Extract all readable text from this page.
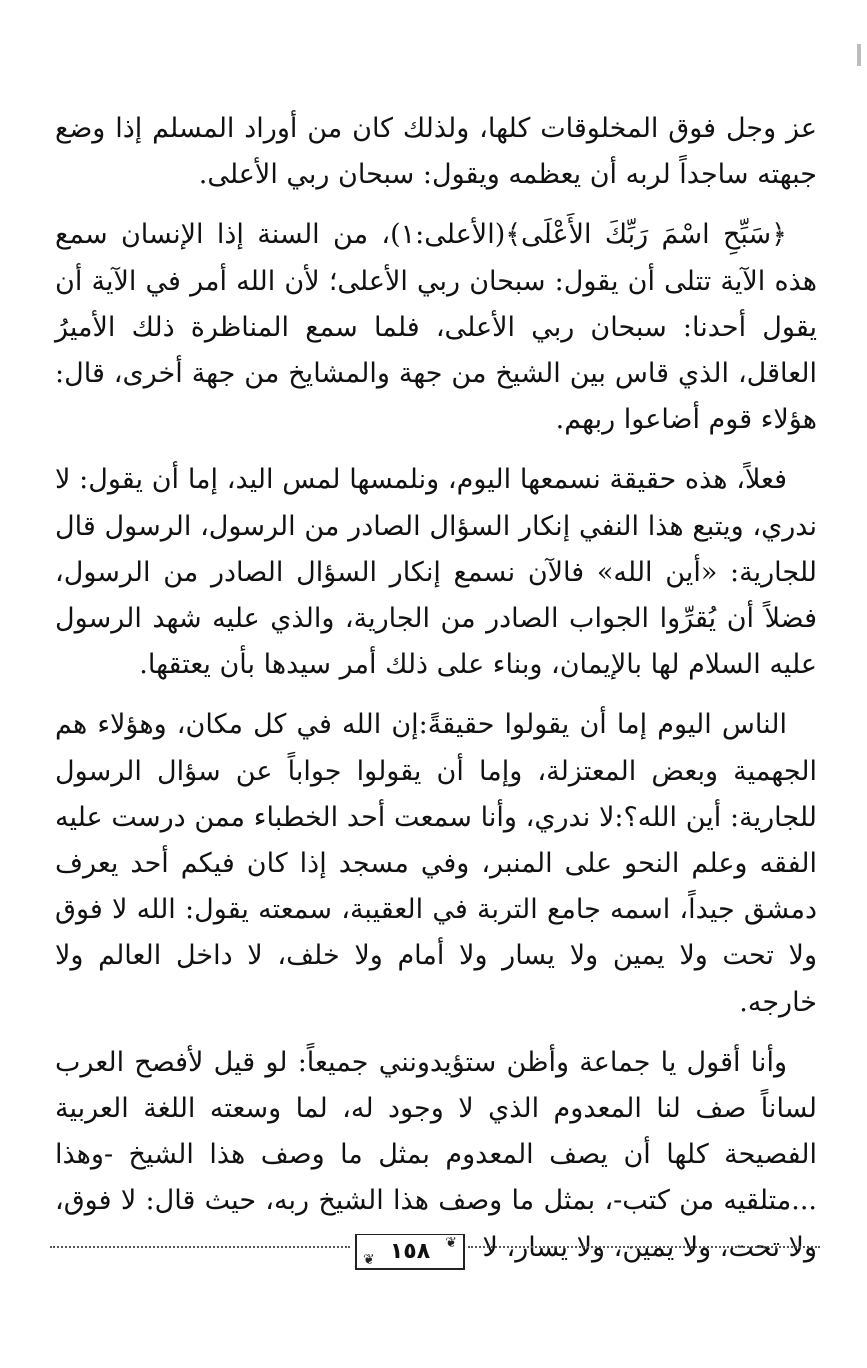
عز وجل فوق المخلوقات كلها، ولذلك كان من أوراد المسلم إذا وضع جبهته ساجداً لربه أن يعظمه ويقول: سبحان ربي الأعلى.

﴿سَبِّحِ اسْمَ رَبِّكَ الأَعْلَى﴾(الأعلى:١)، من السنة إذا الإنسان سمع هذه الآية تتلى أن يقول: سبحان ربي الأعلى؛ لأن الله أمر في الآية أن يقول أحدنا: سبحان ربي الأعلى، فلما سمع المناظرة ذلك الأميرُ العاقل، الذي قاس بين الشيخ من جهة والمشايخ من جهة أخرى، قال: هؤلاء قوم أضاعوا ربهم.

فعلاً، هذه حقيقة نسمعها اليوم، ونلمسها لمس اليد، إما أن يقول: لا ندري، ويتبع هذا النفي إنكار السؤال الصادر من الرسول، الرسول قال للجارية: «أين الله» فالآن نسمع إنكار السؤال الصادر من الرسول، فضلاً أن يُقرِّوا الجواب الصادر من الجارية، والذي عليه شهد الرسول عليه السلام لها بالإيمان، وبناء على ذلك أمر سيدها بأن يعتقها.

الناس اليوم إما أن يقولوا حقيقةً:إن الله في كل مكان، وهؤلاء هم الجهمية وبعض المعتزلة، وإما أن يقولوا جواباً عن سؤال الرسول للجارية: أين الله؟:لا ندري، وأنا سمعت أحد الخطباء ممن درست عليه الفقه وعلم النحو على المنبر، وفي مسجد إذا كان فيكم أحد يعرف دمشق جيداً، اسمه جامع التربة في العقيبة، سمعته يقول: الله لا فوق ولا تحت ولا يمين ولا يسار ولا أمام ولا خلف، لا داخل العالم ولا خارجه.

وأنا أقول يا جماعة وأظن ستؤيدونني جميعاً: لو قيل لأفصح العرب لساناً صف لنا المعدوم الذي لا وجود له، لما وسعته اللغة العربية الفصيحة كلها أن يصف المعدوم بمثل ما وصف هذا الشيخ -وهذا ...متلقيه من كتب-، بمثل ما وصف هذا الشيخ ربه، حيث قال: لا فوق، ولا تحت، ولا يمين، ولا يسار، لا

❦
١٥٨
❦
